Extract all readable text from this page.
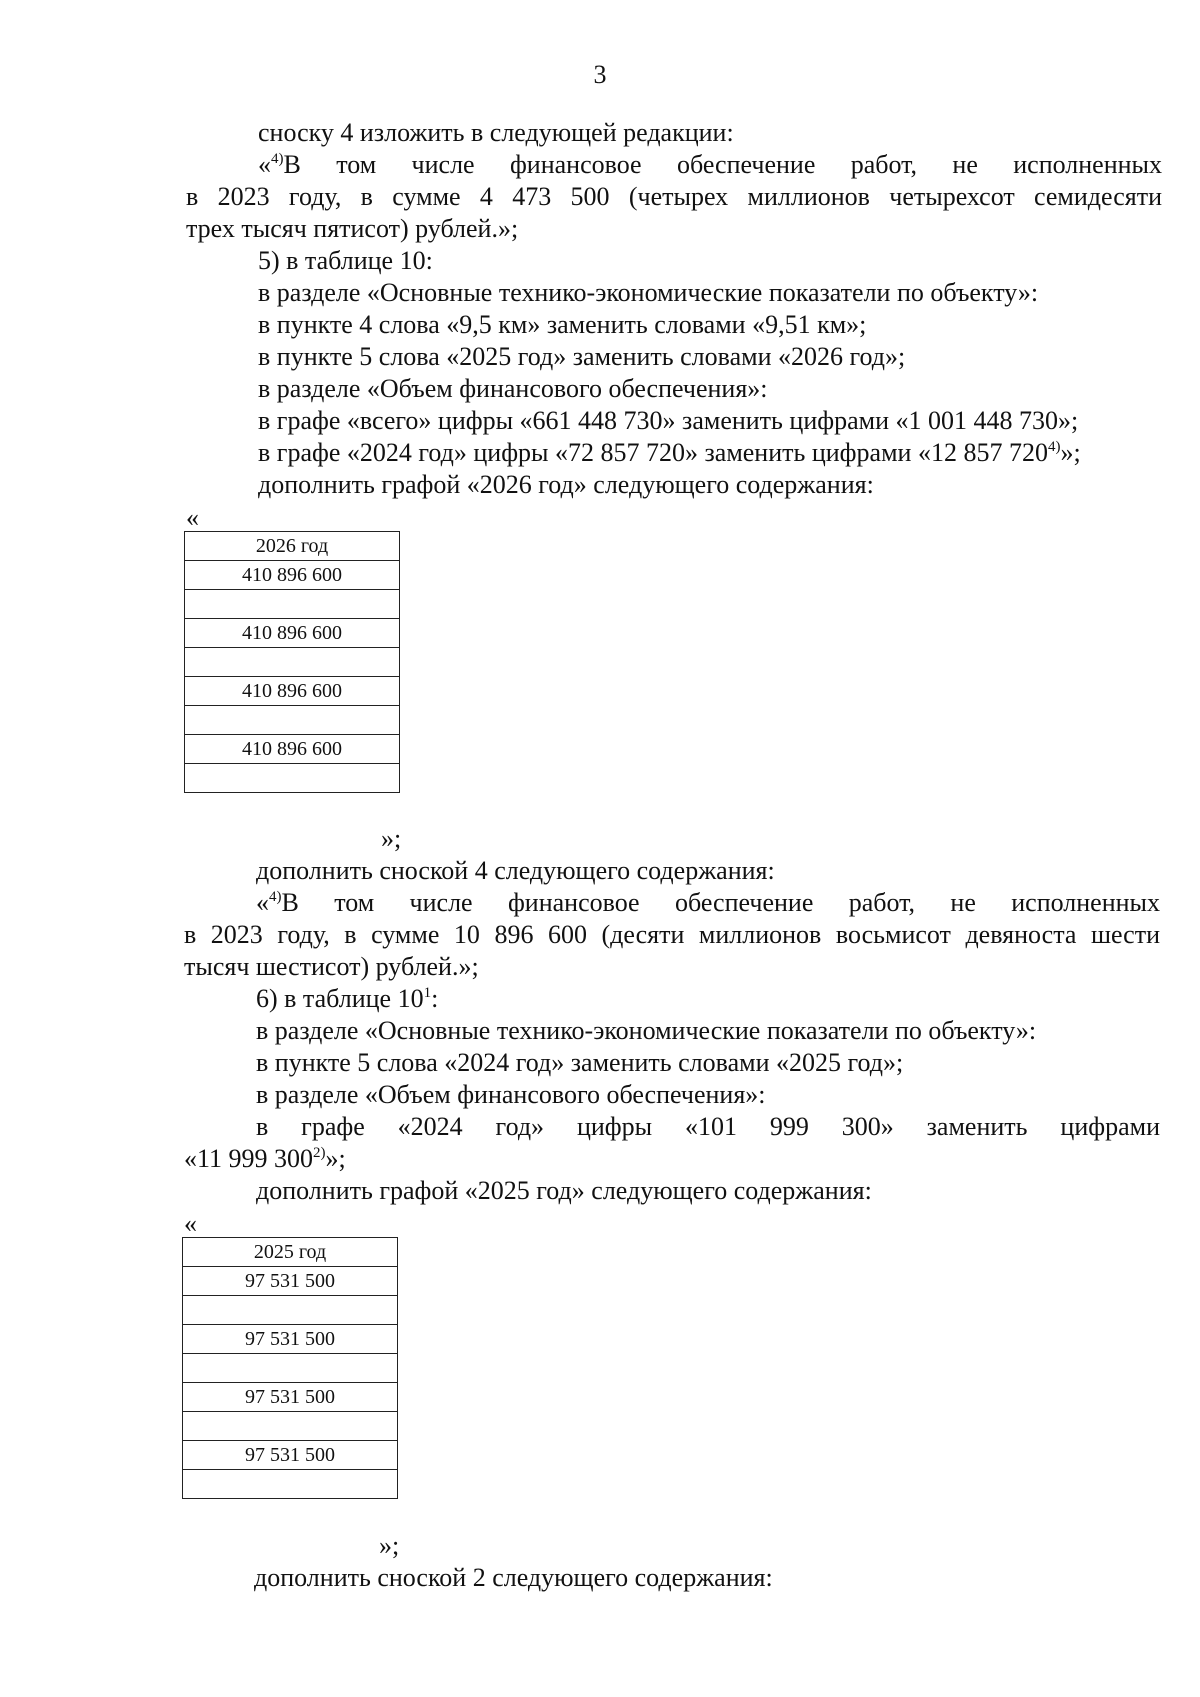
3

сноску 4 изложить в следующей редакции:

«$^{4)}$В том числе финансовое обеспечение работ, не исполненных

в 2023 году, в сумме 4 473 500 (четырех миллионов четырехсот семидесяти

трех тысяч пятисот) рублей.»;

5) в таблице 10:

в разделе «Основные технико-экономические показатели по объекту»:

в пункте 4 слова «9,5 км» заменить словами «9,51 км»;

в пункте 5 слова «2025 год» заменить словами «2026 год»;

в разделе «Объем финансового обеспечения»:

в графе «всего» цифры «661 448 730» заменить цифрами «1 001 448 730»;

в графе «2024 год» цифры «72 857 720» заменить цифрами «12 857 720$^{4)}$»;

дополнить графой «2026 год» следующего содержания:

«

2026 год
410 896 600

410 896 600

410 896 600

410 896 600

»;

дополнить сноской 4 следующего содержания:

«$^{4)}$В том числе финансовое обеспечение работ, не исполненных

в 2023 году, в сумме 10 896 600 (десяти миллионов восьмисот девяноста шести

тысяч шестисот) рублей.»;

6) в таблице $10^1$:

в разделе «Основные технико-экономические показатели по объекту»:

в пункте 5 слова «2024 год» заменить словами «2025 год»;

в разделе «Объем финансового обеспечения»:

в графе «2024 год» цифры «101 999 300» заменить цифрами

«11 999 300$^{2)}$»;

дополнить графой «2025 год» следующего содержания:

«

2025 год
97 531 500

97 531 500

97 531 500

97 531 500

»;

дополнить сноской 2 следующего содержания:
